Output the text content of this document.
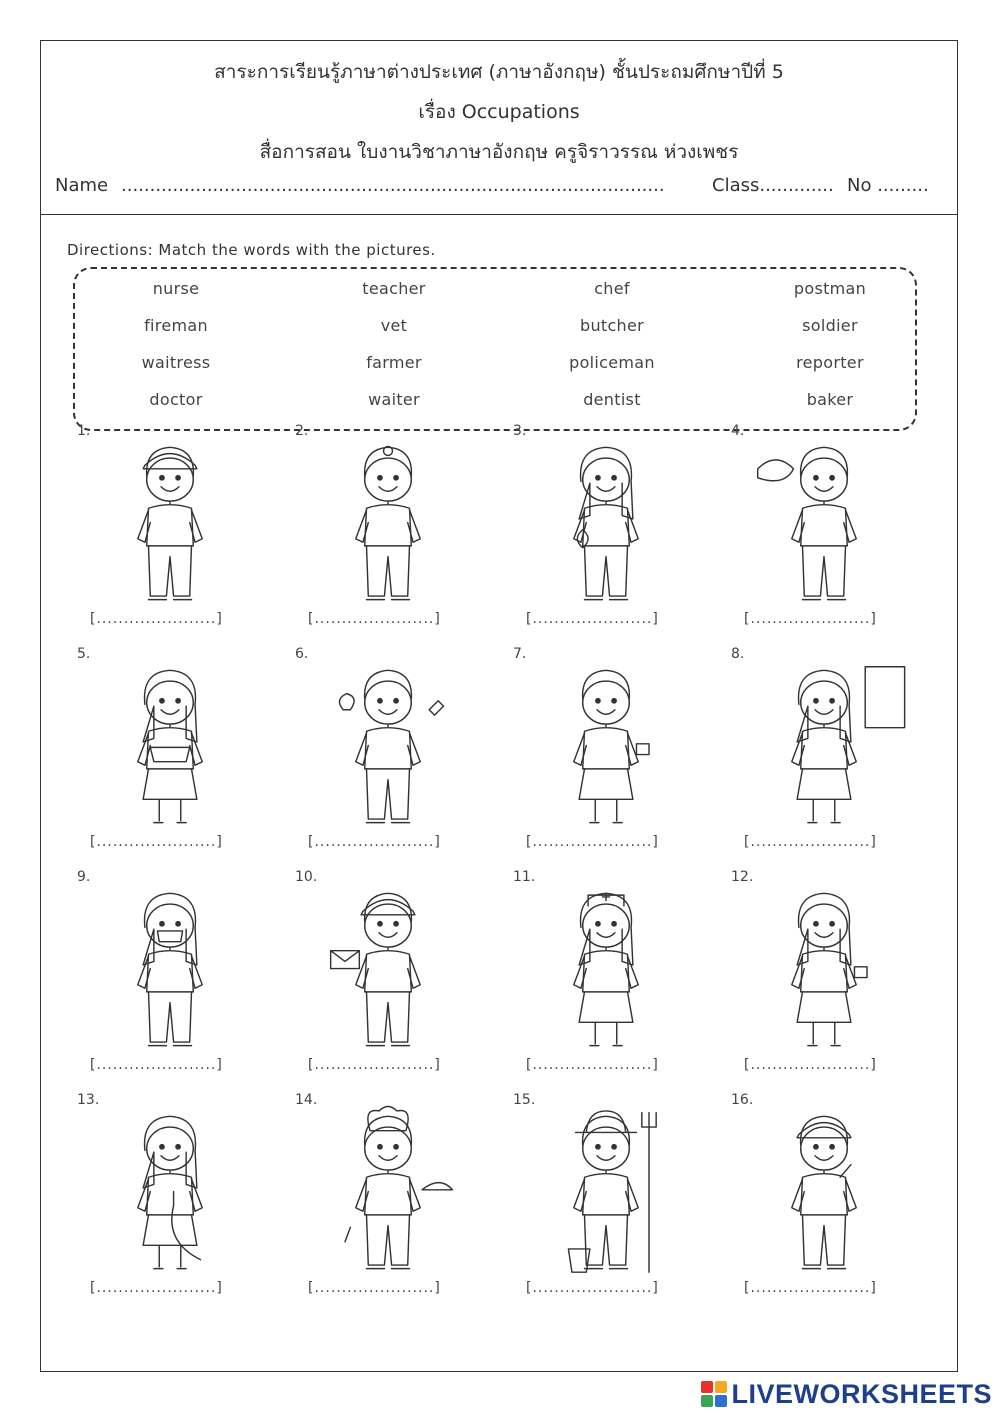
สาระการเรียนรู้ภาษาต่างประเทศ (ภาษาอังกฤษ) ชั้นประถมศึกษาปีที่ 5
เรื่อง Occupations
สื่อการสอน ใบงานวิชาภาษาอังกฤษ ครูจิราวรรณ ห่วงเพชร
Name ...............................................................................................	Class............. No .........
Directions: Match the words with the pictures.
1.
[......................]
2.
[......................]
3.
[......................]
4.
[......................]
5.
[......................]
6.
[......................]
7.
[......................]
8.
[......................]
9.
[......................]
10.
[......................]
11.
[......................]
12.
[......................]
13.
[......................]
14.
[......................]
15.
[......................]
16.
[......................]
nurse	teacher	chef	postman
fireman	vet	butcher	soldier
waitress	farmer	policeman	reporter
doctor	waiter	dentist	baker
LIVEWORKSHEETS
